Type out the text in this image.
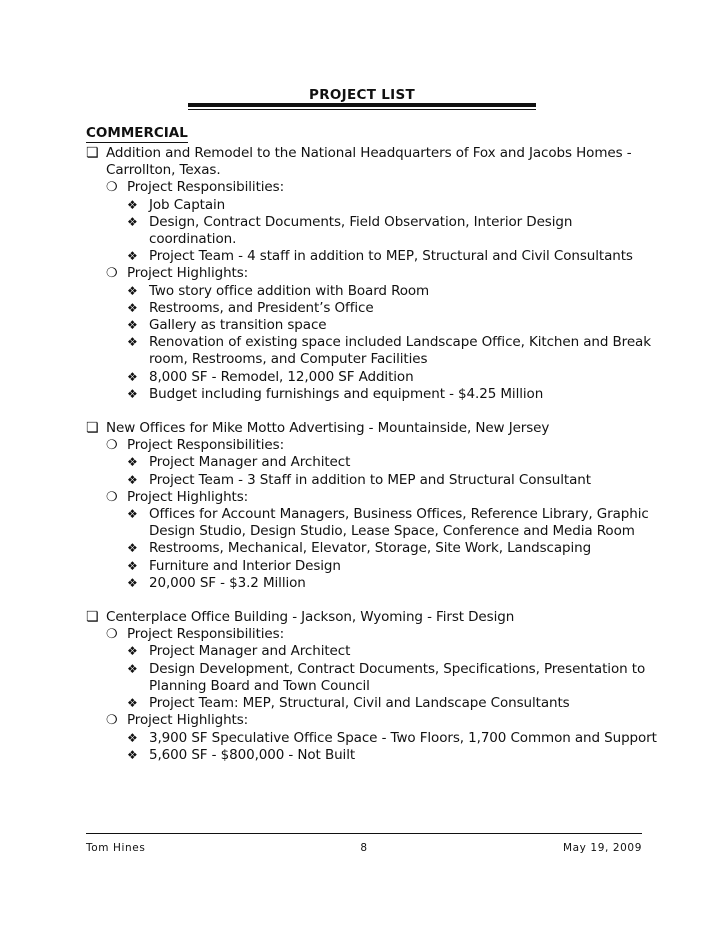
PROJECT LIST
COMMERCIAL
❏ Addition and Remodel to the National Headquarters of Fox and Jacobs Homes - Carrollton, Texas.
❍ Project Responsibilities:
❖ Job Captain
❖ Design, Contract Documents, Field Observation, Interior Design coordination.
❖ Project Team - 4 staff in addition to MEP, Structural and Civil Consultants
❍ Project Highlights:
❖ Two story office addition with Board Room
❖ Restrooms, and President’s Office
❖ Gallery as transition space
❖ Renovation of existing space included Landscape Office, Kitchen and Break room, Restrooms, and Computer Facilities
❖ 8,000 SF - Remodel, 12,000 SF Addition
❖ Budget including furnishings and equipment - $4.25 Million
❏ New Offices for Mike Motto Advertising - Mountainside, New Jersey
❍ Project Responsibilities:
❖ Project Manager and Architect
❖ Project Team - 3 Staff in addition to MEP and Structural Consultant
❍ Project Highlights:
❖ Offices for Account Managers, Business Offices, Reference Library, Graphic Design Studio, Design Studio, Lease Space, Conference and Media Room
❖ Restrooms, Mechanical, Elevator, Storage, Site Work, Landscaping
❖ Furniture and Interior Design
❖ 20,000 SF - $3.2 Million
❏ Centerplace Office Building - Jackson, Wyoming - First Design
❍ Project Responsibilities:
❖ Project Manager and Architect
❖ Design Development, Contract Documents, Specifications, Presentation to Planning Board and Town Council
❖ Project Team: MEP, Structural, Civil and Landscape Consultants
❍ Project Highlights:
❖ 3,900 SF Speculative Office Space - Two Floors, 1,700 Common and Support
❖ 5,600 SF - $800,000 - Not Built
Tom Hines	8	May 19, 2009
